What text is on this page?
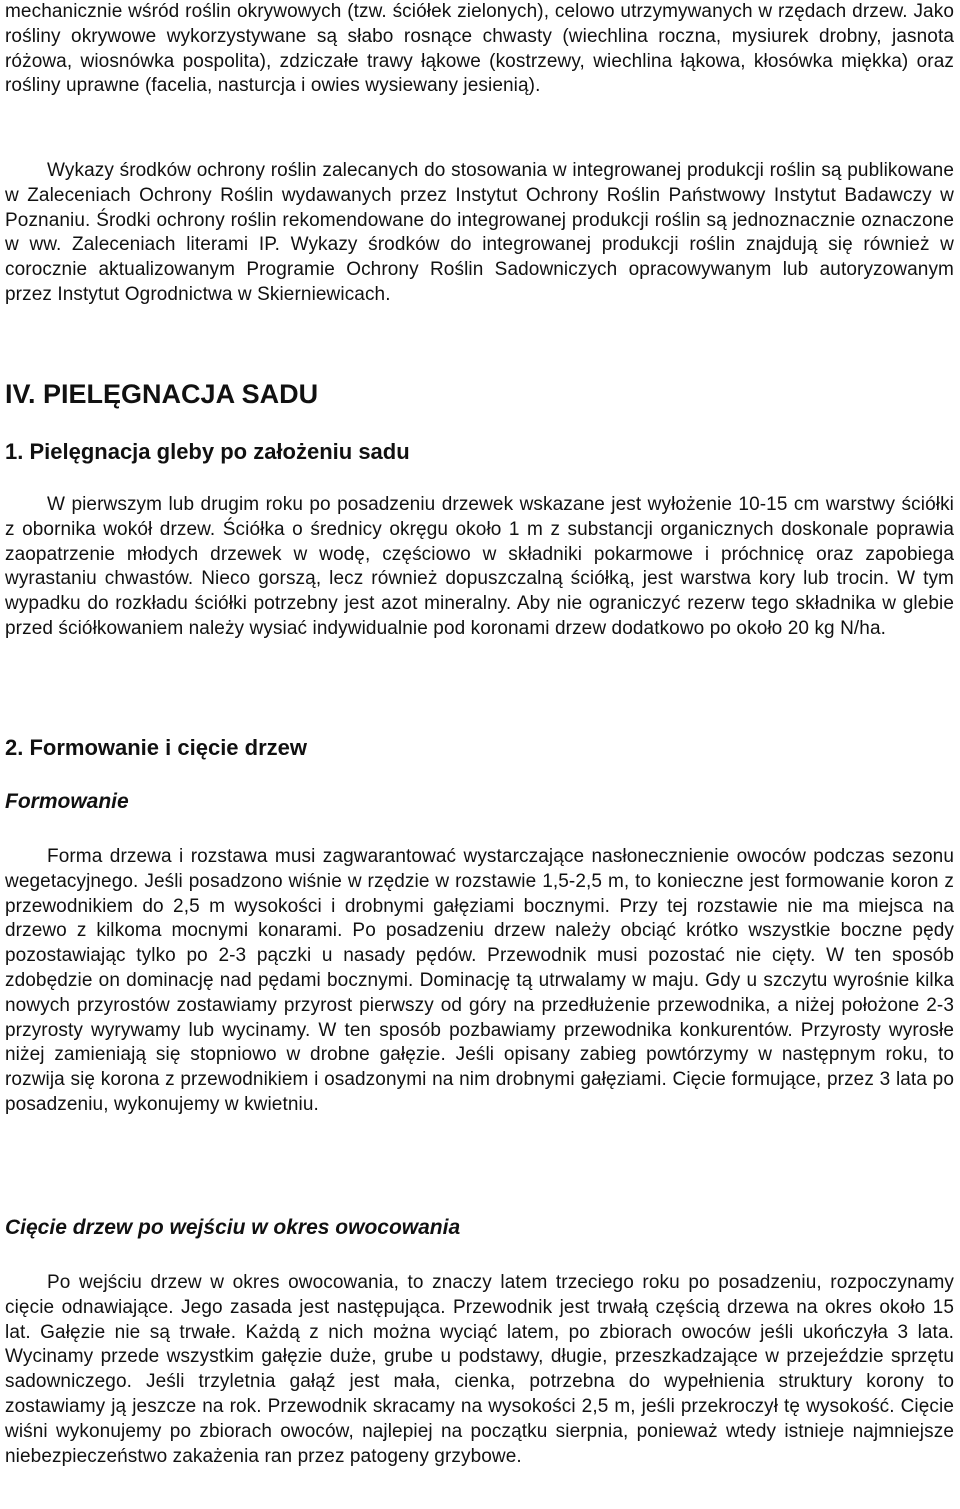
mechanicznie wśród roślin okrywowych (tzw. ściółek zielonych), celowo utrzymywanych w rzędach drzew. Jako rośliny okrywowe wykorzystywane są słabo rosnące chwasty (wiechlina roczna, mysiurek drobny, jasnota różowa, wiosnówka pospolita), zdziczałe trawy łąkowe (kostrzewy, wiechlina łąkowa, kłosówka miękka) oraz rośliny uprawne (facelia, nasturcja i owies wysiewany jesienią).

Wykazy środków ochrony roślin zalecanych do stosowania w integrowanej produkcji roślin są publikowane w Zaleceniach Ochrony Roślin wydawanych przez Instytut Ochrony Roślin Państwowy Instytut Badawczy w Poznaniu. Środki ochrony roślin rekomendowane do integrowanej produkcji roślin są jednoznacznie oznaczone w ww. Zaleceniach literami IP. Wykazy środków do integrowanej produkcji roślin znajdują się również w corocznie aktualizowanym Programie Ochrony Roślin Sadowniczych opracowywanym lub autoryzowanym przez Instytut Ogrodnictwa w Skierniewicach.

IV. PIELĘGNACJA SADU
1. Pielęgnacja gleby po założeniu sadu

W pierwszym lub drugim roku po posadzeniu drzewek wskazane jest wyłożenie 10-15 cm warstwy ściółki z obornika wokół drzew. Ściółka o średnicy okręgu około 1 m z substancji organicznych doskonale poprawia zaopatrzenie młodych drzewek w wodę, częściowo w składniki pokarmowe i próchnicę oraz zapobiega wyrastaniu chwastów. Nieco gorszą, lecz również dopuszczalną ściółką, jest warstwa kory lub trocin. W tym wypadku do rozkładu ściółki potrzebny jest azot mineralny. Aby nie ograniczyć rezerw tego składnika w glebie przed ściółkowaniem należy wysiać indywidualnie pod koronami drzew dodatkowo po około 20 kg N/ha.

2. Formowanie i cięcie drzew
Formowanie

Forma drzewa i rozstawa musi zagwarantować wystarczające nasłonecznienie owoców podczas sezonu wegetacyjnego. Jeśli posadzono wiśnie w rzędzie w rozstawie 1,5-2,5 m, to konieczne jest formowanie koron z przewodnikiem do 2,5 m wysokości i drobnymi gałęziami bocznymi. Przy tej rozstawie nie ma miejsca na drzewo z kilkoma mocnymi konarami. Po posadzeniu drzew należy obciąć krótko wszystkie boczne pędy pozostawiając tylko po 2-3 pączki u nasady pędów. Przewodnik musi pozostać nie cięty. W ten sposób zdobędzie on dominację nad pędami bocznymi. Dominację tą utrwalamy w maju. Gdy u szczytu wyrośnie kilka nowych przyrostów zostawiamy przyrost pierwszy od góry na przedłużenie przewodnika, a niżej położone 2-3 przyrosty wyrywamy lub wycinamy. W ten sposób pozbawiamy przewodnika konkurentów. Przyrosty wyrosłe niżej zamieniają się stopniowo w drobne gałęzie. Jeśli opisany zabieg powtórzymy w następnym roku, to rozwija się korona z przewodnikiem i osadzonymi na nim drobnymi gałęziami. Cięcie formujące, przez 3 lata po posadzeniu, wykonujemy w kwietniu.

Cięcie drzew po wejściu w okres owocowania

Po wejściu drzew w okres owocowania, to znaczy latem trzeciego roku po posadzeniu, rozpoczynamy cięcie odnawiające. Jego zasada jest następująca. Przewodnik jest trwałą częścią drzewa na okres około 15 lat. Gałęzie nie są trwałe. Każdą z nich można wyciąć latem, po zbiorach owoców jeśli ukończyła 3 lata. Wycinamy przede wszystkim gałęzie duże, grube u podstawy, długie, przeszkadzające w przejeździe sprzętu sadowniczego. Jeśli trzyletnia gałąź jest mała, cienka, potrzebna do wypełnienia struktury korony to zostawiamy ją jeszcze na rok. Przewodnik skracamy na wysokości 2,5 m, jeśli przekroczył tę wysokość. Cięcie wiśni wykonujemy po zbiorach owoców, najlepiej na początku sierpnia, ponieważ wtedy istnieje najmniejsze niebezpieczeństwo zakażenia ran przez patogeny grzybowe.
